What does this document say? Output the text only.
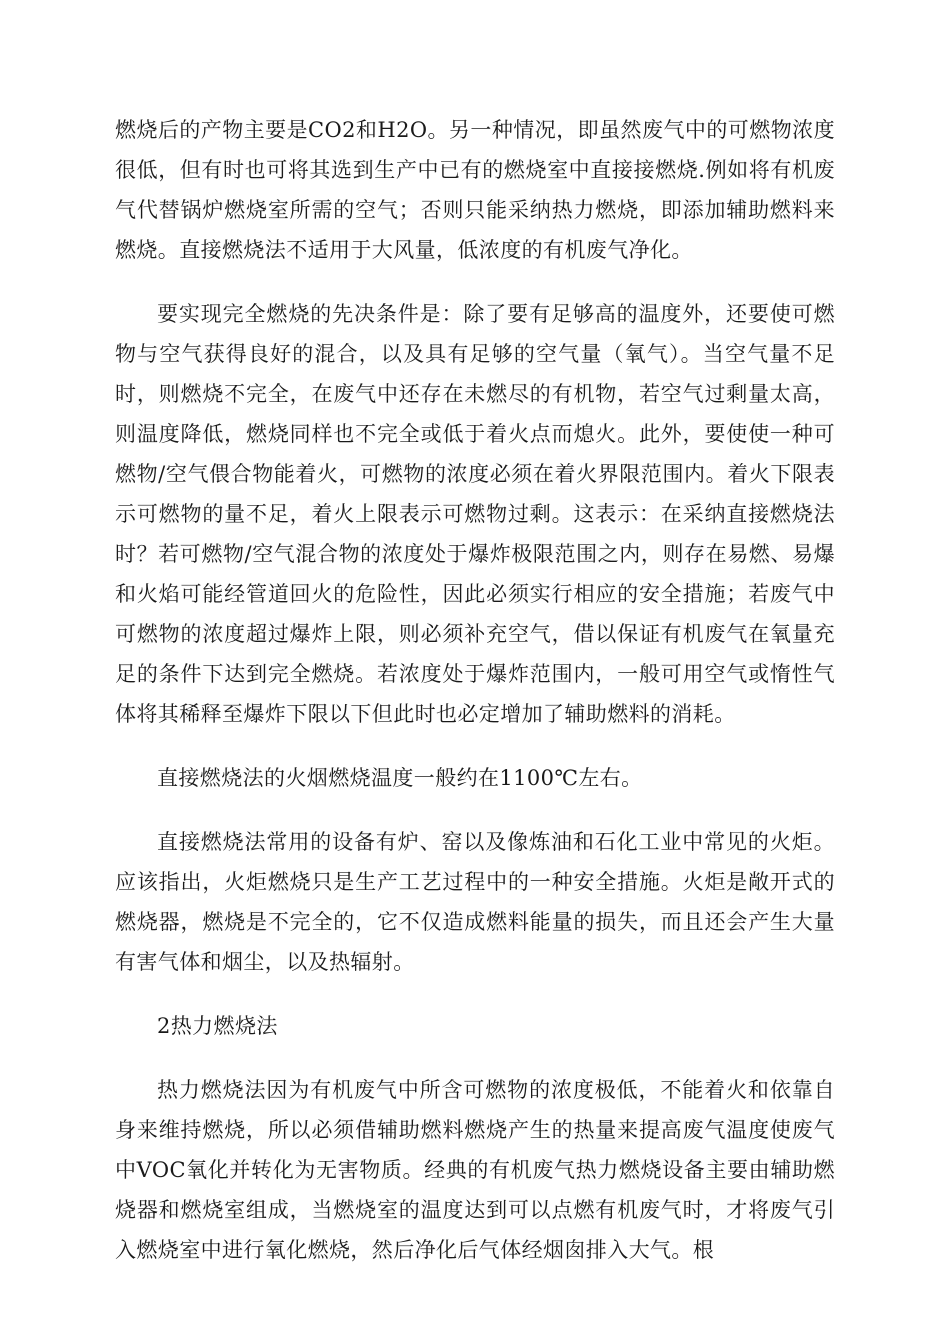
燃烧后的产物主要是CO2和H2O。另一种情况，即虽然废气中的可燃物浓度很低，但有时也可将其选到生产中已有的燃烧室中直接接燃烧.例如将有机废气代替锅炉燃烧室所需的空气；否则只能采纳热力燃烧，即添加辅助燃料来燃烧。直接燃烧法不适用于大风量，低浓度的有机废气净化。

要实现完全燃烧的先决条件是：除了要有足够高的温度外，还要使可燃物与空气获得良好的混合，以及具有足够的空气量（氧气）。当空气量不足时，则燃烧不完全，在废气中还存在未燃尽的有机物，若空气过剩量太高，则温度降低，燃烧同样也不完全或低于着火点而熄火。此外，要使使一种可燃物/空气偎合物能着火，可燃物的浓度必须在着火界限范围内。着火下限表示可燃物的量不足，着火上限表示可燃物过剩。这表示：在采纳直接燃烧法时？若可燃物/空气混合物的浓度处于爆炸极限范围之内，则存在易燃、易爆和火焰可能经管道回火的危险性，因此必须实行相应的安全措施；若废气中可燃物的浓度超过爆炸上限，则必须补充空气，借以保证有机废气在氧量充足的条件下达到完全燃烧。若浓度处于爆炸范围内，一般可用空气或惰性气体将其稀释至爆炸下限以下但此时也必定增加了辅助燃料的消耗。

直接燃烧法的火烟燃烧温度一般约在1100℃左右。

直接燃烧法常用的设备有炉、窑以及像炼油和石化工业中常见的火炬。应该指出，火炬燃烧只是生产工艺过程中的一种安全措施。火炬是敞开式的燃烧器，燃烧是不完全的，它不仅造成燃料能量的损失，而且还会产生大量有害气体和烟尘，以及热辐射。

2热力燃烧法

热力燃烧法因为有机废气中所含可燃物的浓度极低，不能着火和依靠自身来维持燃烧，所以必须借辅助燃料燃烧产生的热量来提高废气温度使废气中VOC氧化并转化为无害物质。经典的有机废气热力燃烧设备主要由辅助燃烧器和燃烧室组成，当燃烧室的温度达到可以点燃有机废气时，才将废气引入燃烧室中进行氧化燃烧，然后净化后气体经烟囱排入大气。根
